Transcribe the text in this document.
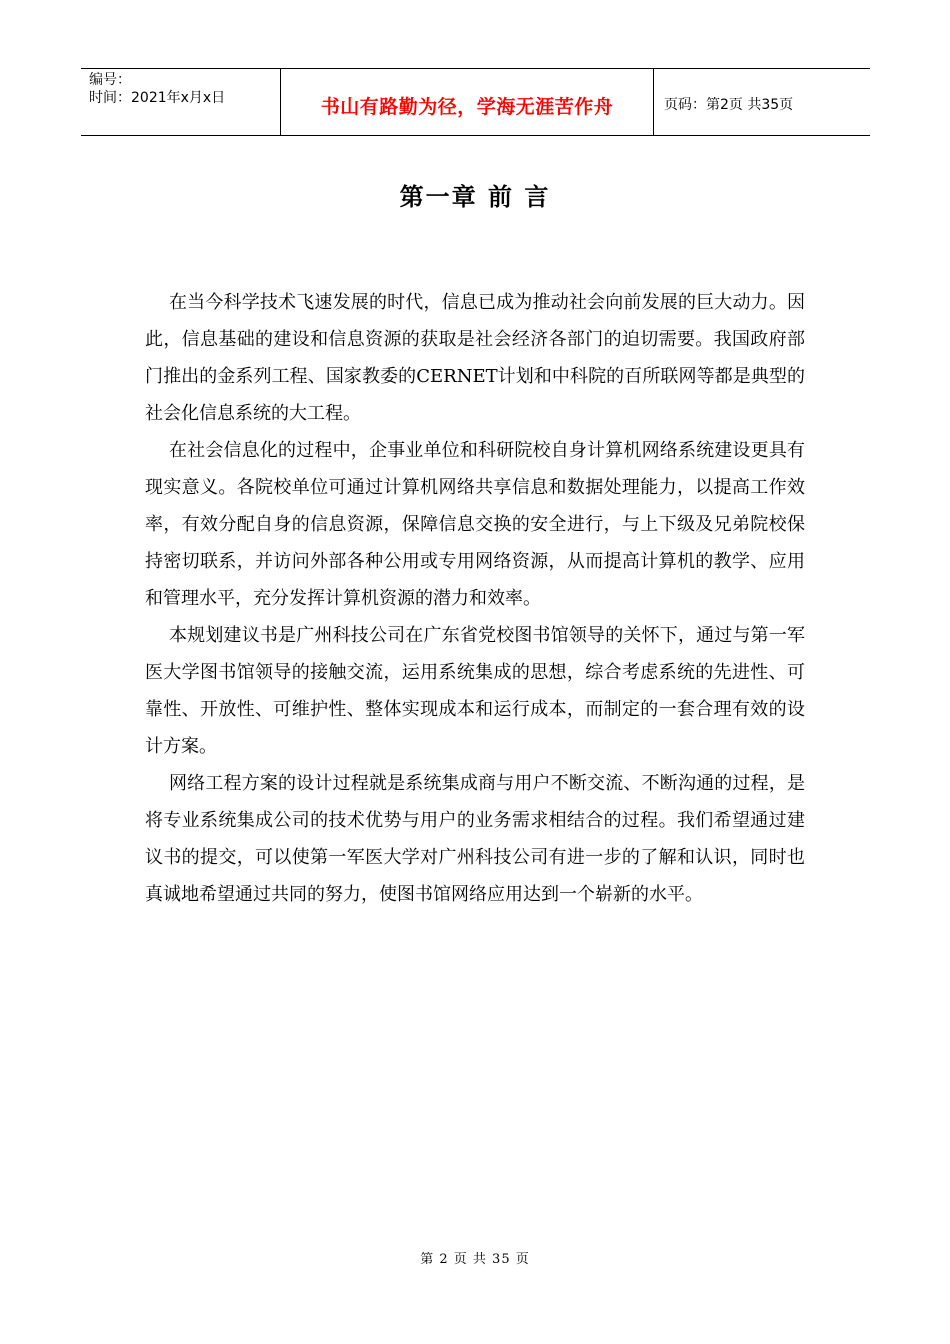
编号：
时间：2021年x月x日	书山有路勤为径，学海无涯苦作舟	页码：第2页 共35页
第一章 前 言

在当今科学技术飞速发展的时代，信息已成为推动社会向前发展的巨大动力。因此，信息基础的建设和信息资源的获取是社会经济各部门的迫切需要。我国政府部门推出的金系列工程、国家教委的CERNET计划和中科院的百所联网等都是典型的社会化信息系统的大工程。

在社会信息化的过程中，企事业单位和科研院校自身计算机网络系统建设更具有现实意义。各院校单位可通过计算机网络共享信息和数据处理能力，以提高工作效率，有效分配自身的信息资源，保障信息交换的安全进行，与上下级及兄弟院校保持密切联系，并访问外部各种公用或专用网络资源，从而提高计算机的教学、应用和管理水平，充分发挥计算机资源的潜力和效率。

本规划建议书是广州科技公司在广东省党校图书馆领导的关怀下，通过与第一军医大学图书馆领导的接触交流，运用系统集成的思想，综合考虑系统的先进性、可靠性、开放性、可维护性、整体实现成本和运行成本，而制定的一套合理有效的设计方案。

网络工程方案的设计过程就是系统集成商与用户不断交流、不断沟通的过程，是将专业系统集成公司的技术优势与用户的业务需求相结合的过程。我们希望通过建议书的提交，可以使第一军医大学对广州科技公司有进一步的了解和认识，同时也真诚地希望通过共同的努力，使图书馆网络应用达到一个崭新的水平。

第 2 页 共 35 页
